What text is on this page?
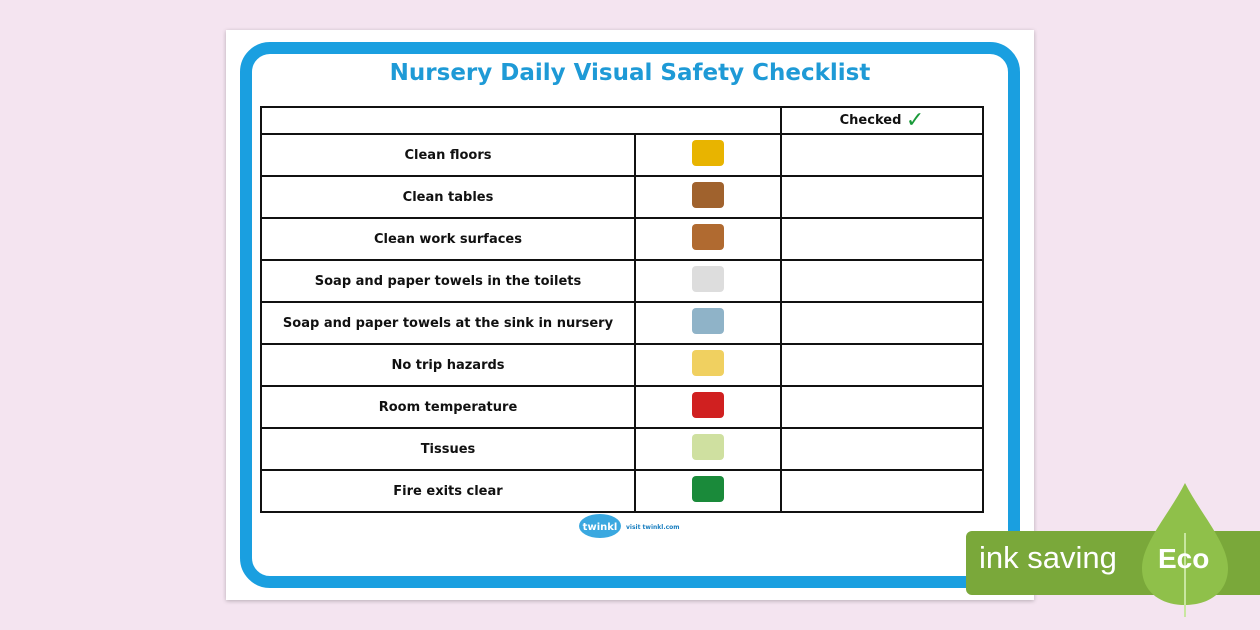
Nursery Daily Visual Safety Checklist
		Checked ✓
Clean floors		
Clean tables		
Clean work surfaces		
Soap and paper towels in the toilets		
Soap and paper towels at the sink in nursery		
No trip hazards		
Room temperature		
Tissues		
Fire exits clear		
twinkl visit twinkl.com
ink saving Eco
